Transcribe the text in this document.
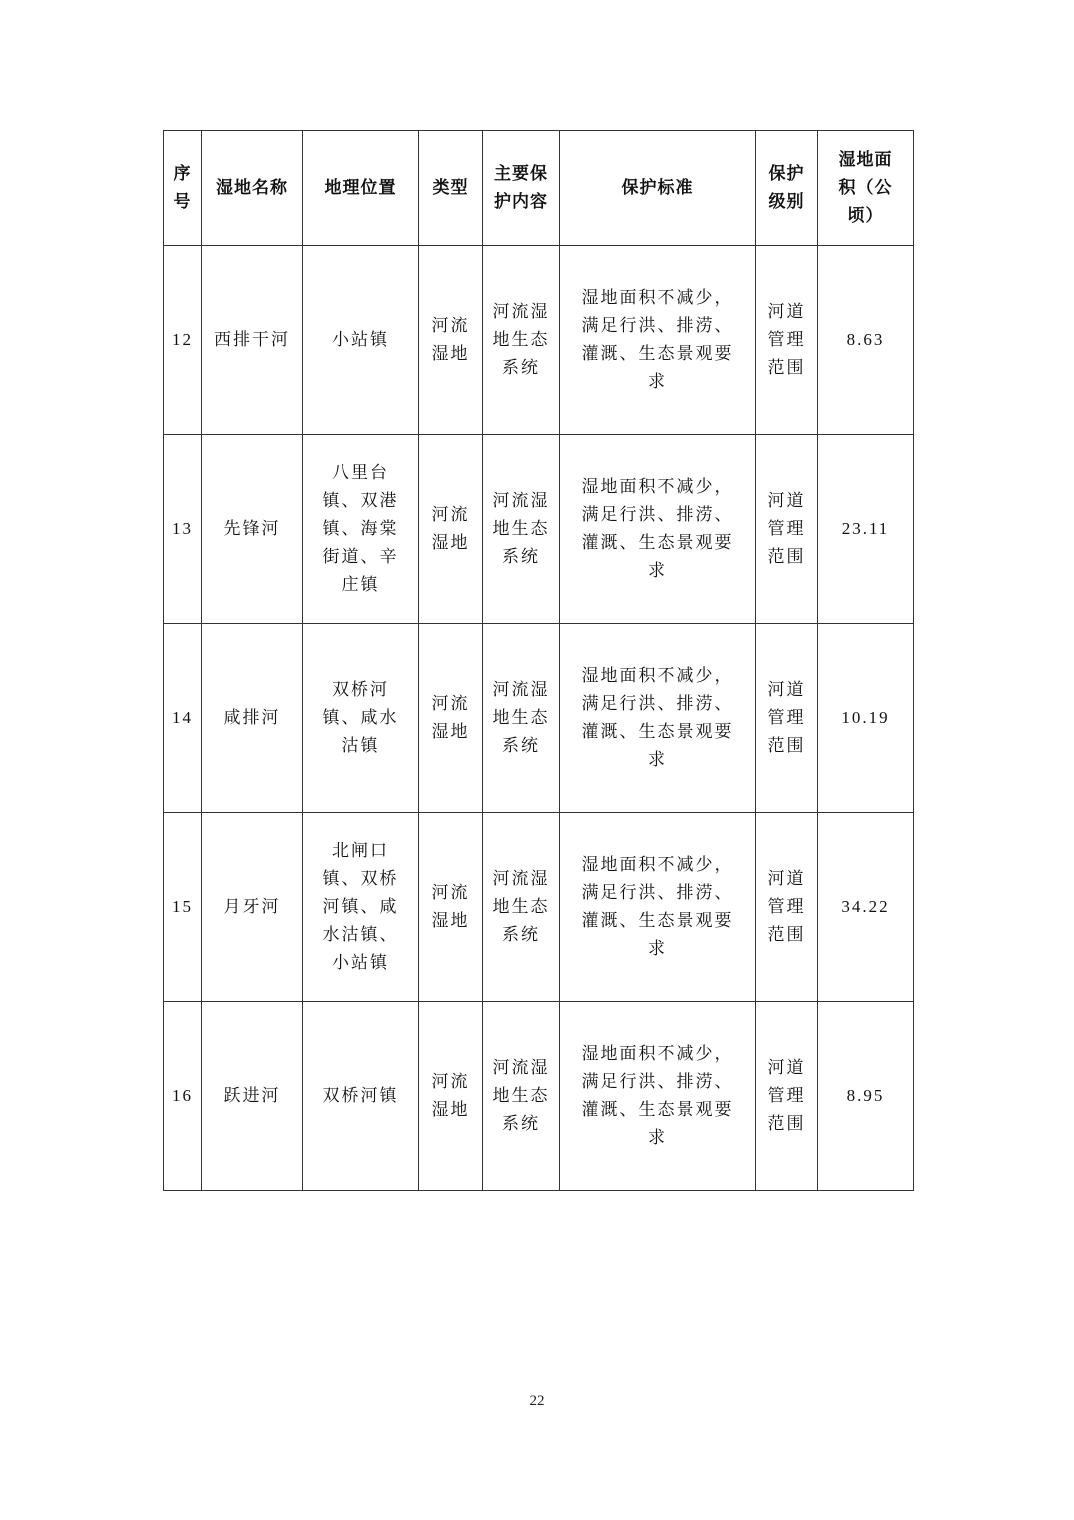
序号	湿地名称	地理位置	类型	主要保护内容	保护标准	保护级别	湿地面积（公顷）

12	西排干河	小站镇	河流湿地	河流湿地生态系统	湿地面积不减少，满足行洪、排涝、灌溉、生态景观要求	河道管理范围	8.63
13	先锋河	八里台镇、双港镇、海棠街道、辛庄镇	河流湿地	河流湿地生态系统	湿地面积不减少，满足行洪、排涝、灌溉、生态景观要求	河道管理范围	23.11
14	咸排河	双桥河镇、咸水沽镇	河流湿地	河流湿地生态系统	湿地面积不减少，满足行洪、排涝、灌溉、生态景观要求	河道管理范围	10.19
15	月牙河	北闸口镇、双桥河镇、咸水沽镇、小站镇	河流湿地	河流湿地生态系统	湿地面积不减少，满足行洪、排涝、灌溉、生态景观要求	河道管理范围	34.22
16	跃进河	双桥河镇	河流湿地	河流湿地生态系统	湿地面积不减少，满足行洪、排涝、灌溉、生态景观要求	河道管理范围	8.95
22
